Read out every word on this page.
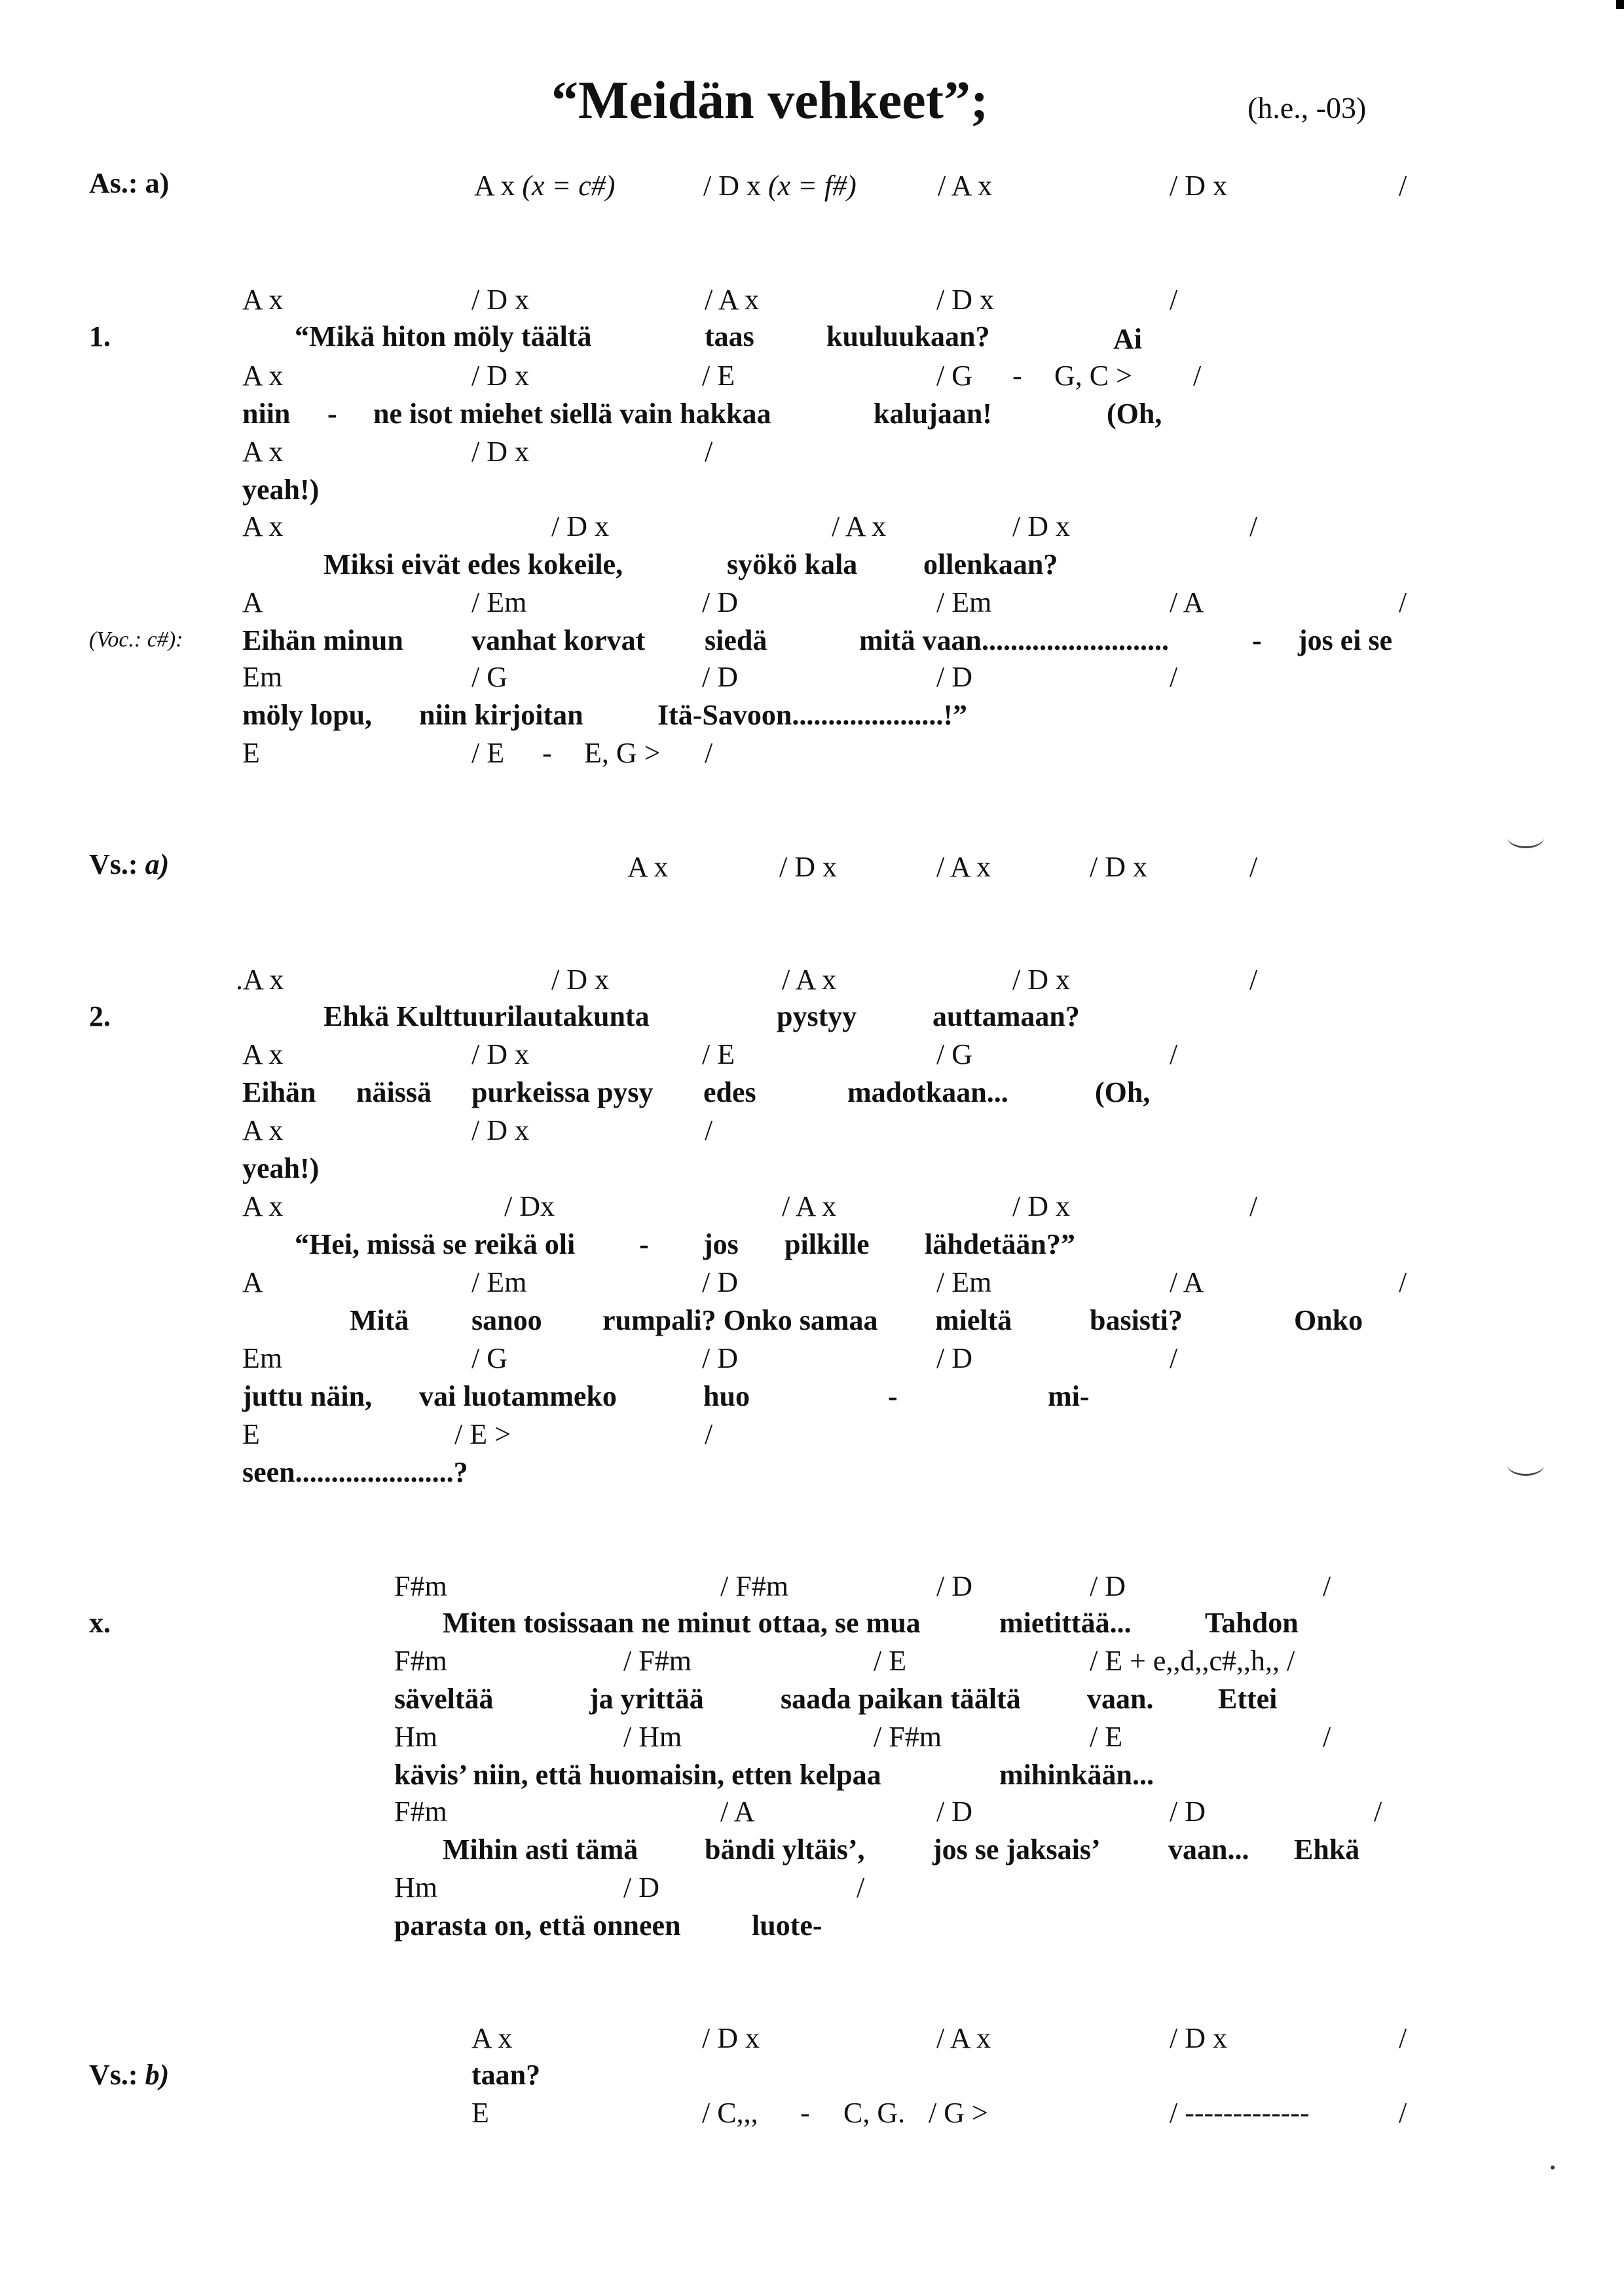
“Meidän vehkeet”;	(h.e., -03)
As.: a)	A x (x = c#)	/ D x (x = f#)	/ A x	/ D x	/
1.
(Voc.: c#):
A x	/ D x	/ A x	/ D x	/
“Mikä hiton möly täältä	taas	kuuluukaan?	Ai
A x	/ D x	/ E	/ G - G, C > /
niin - ne isot miehet siellä vain hakkaa	kalujaan!	(Oh,
A x	/ D x	/
yeah!)
A x	/ D x	/ A x	/ D x	/
Miksi eivät edes kokeile,	syökö kala ollenkaan?
A	/ Em	/ D	/ Em	/ A	/
Eihän minun vanhat korvat siedä	mitä vaan..........................	- jos ei se
Em	/ G	/ D	/ D	/
möly lopu, niin kirjoitan	Itä-Savoon.....................!”
E	/ E - E, G > /
Vs.: a)	A x	/ D x	/ A x	/ D x	/
2.
.A x	/ D x	/ A x	/ D x	/
Ehkä Kulttuurilautakunta	pystyy	auttamaan?
A x	/ D x	/ E	/ G	/
Eihän näissä purkeissa pysy edes	madotkaan...	(Oh,
A x	/ D x	/
yeah!)
A x	/ Dx	/ A x	/ D x	/
“Hei, missä se reikä oli - jos pilkille lähdetään?”
A	/ Em	/ D	/ Em	/ A	/
Mitä sanoo rumpali? Onko samaa mieltä	basisti?	Onko
Em	/ G	/ D	/ D	/
juttu näin, vai luotammeko	huo	-	mi-
E	/ E >	/
seen......................?
x.
F#m	/ F#m	/ D	/ D	/
Miten tosissaan ne minut ottaa, se mua	mietittää...	Tahdon
F#m	/ F#m	/ E	/ E + e,,d,,c#,,h,, /
säveltää	ja yrittää	saada paikan täältä vaan. Ettei
Hm	/ Hm	/ F#m	/ E	/
kävis’ niin, että huomaisin, etten kelpaa	mihinkään...
F#m	/ A	/ D	/ D	/
Mihin asti tämä bändi yltäis’, jos se jaksais’ vaan... Ehkä
Hm	/ D	/
parasta on, että onneen luote-
Vs.: b)
A x	/ D x	/ A x	/ D x	/
taan?
E	/ C,,, - C, G. / G >	/ -------------	/
